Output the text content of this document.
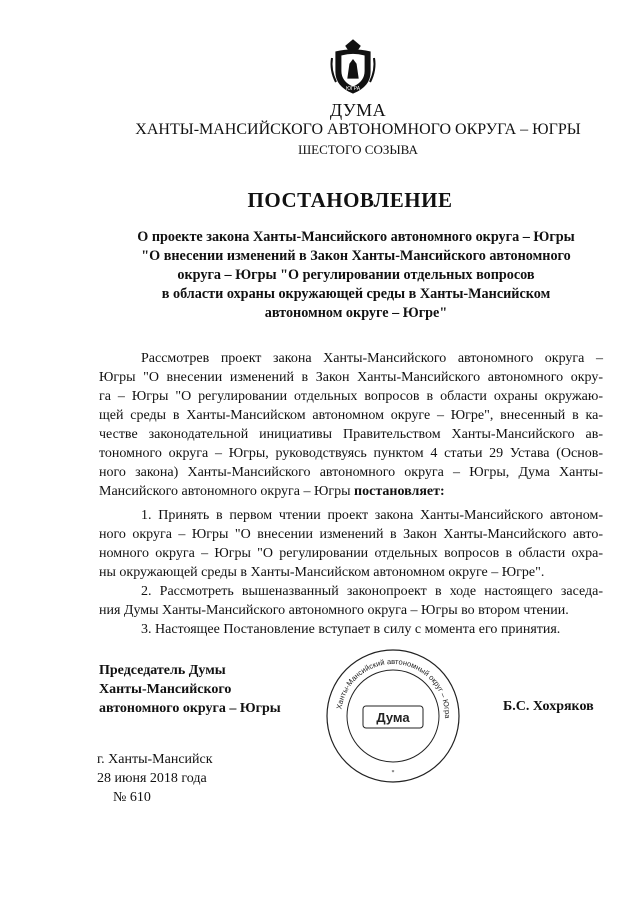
ЮГРА
ДУМА
ХАНТЫ-МАНСИЙСКОГО АВТОНОМНОГО ОКРУГА – ЮГРЫ
ШЕСТОГО СОЗЫВА
ПОСТАНОВЛЕНИЕ
О проекте закона Ханты-Мансийского автономного округа – Югры
"О внесении изменений в Закон Ханты-Мансийского автономного
округа – Югры "О регулировании отдельных вопросов
в области охраны окружающей среды в Ханты-Мансийском
автономном округе – Югре"
Рассмотрев проект закона Ханты-Мансийского автономного округа –
Югры "О внесении изменений в Закон Ханты-Мансийского автономного окру-
га – Югры "О регулировании отдельных вопросов в области охраны окружаю-
щей среды в Ханты-Мансийском автономном округе – Югре", внесенный в ка-
честве законодательной инициативы Правительством Ханты-Мансийского ав-
тономного округа – Югры, руководствуясь пунктом 4 статьи 29 Устава (Основ-
ного закона) Ханты-Мансийского автономного округа – Югры, Дума Ханты-
Мансийского автономного округа – Югры постановляет:
1. Принять в первом чтении проект закона Ханты-Мансийского автоном-
ного округа – Югры "О внесении изменений в Закон Ханты-Мансийского авто-
номного округа – Югры "О регулировании отдельных вопросов в области охра-
ны окружающей среды в Ханты-Мансийском автономном округе – Югре".
2. Рассмотреть вышеназванный законопроект в ходе настоящего заседа-
ния Думы Ханты-Мансийского автономного округа – Югры во втором чтении.
3. Настоящее Постановление вступает в силу с момента его принятия.
Председатель Думы
Ханты-Мансийского
автономного округа – Югры	Ханты-Мансийский автономный округ – Югра
Дума
*
Б.С. Хохряков
г. Ханты-Мансийск
28 июня 2018 года
№ 610
